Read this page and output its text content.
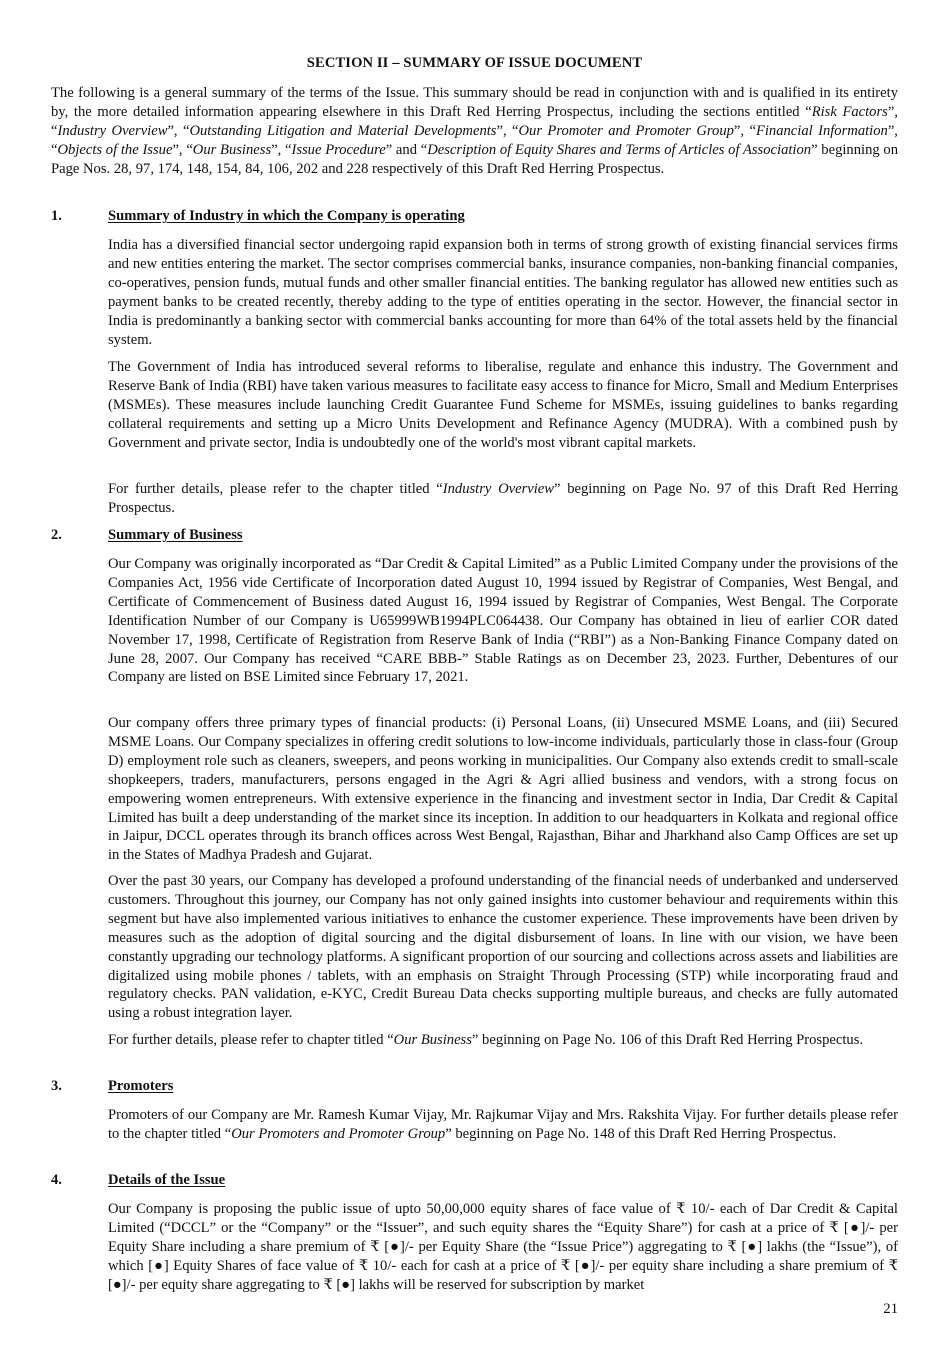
SECTION II – SUMMARY OF ISSUE DOCUMENT

The following is a general summary of the terms of the Issue. This summary should be read in conjunction with and is qualified in its entirety by, the more detailed information appearing elsewhere in this Draft Red Herring Prospectus, including the sections entitled “Risk Factors”, “Industry Overview”, “Outstanding Litigation and Material Developments”, “Our Promoter and Promoter Group”, “Financial Information”, “Objects of the Issue”, “Our Business”, “Issue Procedure” and “Description of Equity Shares and Terms of Articles of Association” beginning on Page Nos. 28, 97, 174, 148, 154, 84, 106, 202 and 228 respectively of this Draft Red Herring Prospectus.

1.	Summary of Industry in which the Company is operating

India has a diversified financial sector undergoing rapid expansion both in terms of strong growth of existing financial services firms and new entities entering the market. The sector comprises commercial banks, insurance companies, non-banking financial companies, co-operatives, pension funds, mutual funds and other smaller financial entities. The banking regulator has allowed new entities such as payment banks to be created recently, thereby adding to the type of entities operating in the sector. However, the financial sector in India is predominantly a banking sector with commercial banks accounting for more than 64% of the total assets held by the financial system.

The Government of India has introduced several reforms to liberalise, regulate and enhance this industry. The Government and Reserve Bank of India (RBI) have taken various measures to facilitate easy access to finance for Micro, Small and Medium Enterprises (MSMEs). These measures include launching Credit Guarantee Fund Scheme for MSMEs, issuing guidelines to banks regarding collateral requirements and setting up a Micro Units Development and Refinance Agency (MUDRA). With a combined push by Government and private sector, India is undoubtedly one of the world's most vibrant capital markets.

For further details, please refer to the chapter titled “Industry Overview” beginning on Page No. 97 of this Draft Red Herring Prospectus.

2.	Summary of Business

Our Company was originally incorporated as “Dar Credit & Capital Limited” as a Public Limited Company under the provisions of the Companies Act, 1956 vide Certificate of Incorporation dated August 10, 1994 issued by Registrar of Companies, West Bengal, and Certificate of Commencement of Business dated August 16, 1994 issued by Registrar of Companies, West Bengal. The Corporate Identification Number of our Company is U65999WB1994PLC064438. Our Company has obtained in lieu of earlier COR dated November 17, 1998, Certificate of Registration from Reserve Bank of India (“RBI”) as a Non-Banking Finance Company dated on June 28, 2007. Our Company has received “CARE BBB-” Stable Ratings as on December 23, 2023. Further, Debentures of our Company are listed on BSE Limited since February 17, 2021.

Our company offers three primary types of financial products: (i) Personal Loans, (ii) Unsecured MSME Loans, and (iii) Secured MSME Loans. Our Company specializes in offering credit solutions to low-income individuals, particularly those in class-four (Group D) employment role such as cleaners, sweepers, and peons working in municipalities. Our Company also extends credit to small-scale shopkeepers, traders, manufacturers, persons engaged in the Agri & Agri allied business and vendors, with a strong focus on empowering women entrepreneurs. With extensive experience in the financing and investment sector in India, Dar Credit & Capital Limited has built a deep understanding of the market since its inception. In addition to our headquarters in Kolkata and regional office in Jaipur, DCCL operates through its branch offices across West Bengal, Rajasthan, Bihar and Jharkhand also Camp Offices are set up in the States of Madhya Pradesh and Gujarat.

Over the past 30 years, our Company has developed a profound understanding of the financial needs of underbanked and underserved customers. Throughout this journey, our Company has not only gained insights into customer behaviour and requirements within this segment but have also implemented various initiatives to enhance the customer experience. These improvements have been driven by measures such as the adoption of digital sourcing and the digital disbursement of loans. In line with our vision, we have been constantly upgrading our technology platforms. A significant proportion of our sourcing and collections across assets and liabilities are digitalized using mobile phones / tablets, with an emphasis on Straight Through Processing (STP) while incorporating fraud and regulatory checks. PAN validation, e-KYC, Credit Bureau Data checks supporting multiple bureaus, and checks are fully automated using a robust integration layer.

For further details, please refer to chapter titled “Our Business” beginning on Page No. 106 of this Draft Red Herring Prospectus.

3.	Promoters

Promoters of our Company are Mr. Ramesh Kumar Vijay, Mr. Rajkumar Vijay and Mrs. Rakshita Vijay. For further details please refer to the chapter titled “Our Promoters and Promoter Group” beginning on Page No. 148 of this Draft Red Herring Prospectus.

4.	Details of the Issue

Our Company is proposing the public issue of upto 50,00,000 equity shares of face value of ₹ 10/- each of Dar Credit & Capital Limited (“DCCL” or the “Company” or the “Issuer”, and such equity shares the “Equity Share”) for cash at a price of ₹ [●]/- per Equity Share including a share premium of ₹ [●]/- per Equity Share (the “Issue Price”) aggregating to ₹ [●] lakhs (the “Issue”), of which [●] Equity Shares of face value of ₹ 10/- each for cash at a price of ₹ [●]/- per equity share including a share premium of ₹ [●]/- per equity share aggregating to ₹ [●] lakhs will be reserved for subscription by market

21
